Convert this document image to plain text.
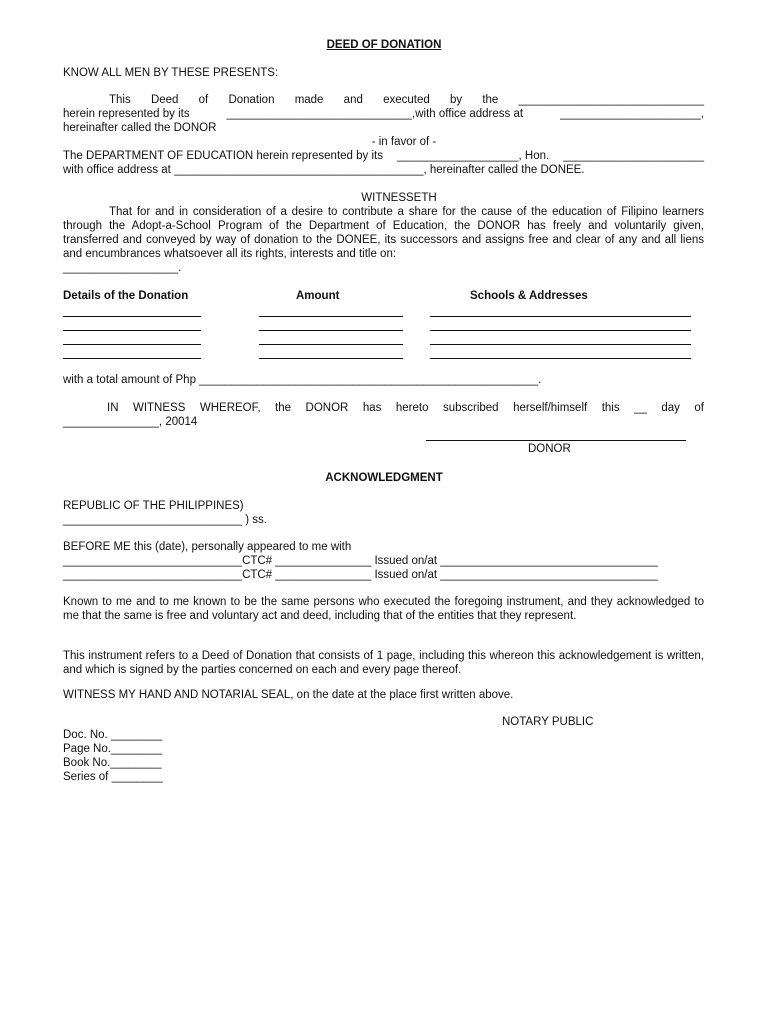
DEED OF DONATION
KNOW ALL MEN BY THESE PRESENTS:
This Deed of Donation made and executed by the _____________________________
herein represented by its	_____________________________,with office address at	______________________,
hereinafter called the DONOR
- in favor of -
The DEPARTMENT OF EDUCATION herein represented by its ___________________, Hon. ______________________
with office address at _______________________________________, hereinafter called the DONEE.
WITNESSETH
That for and in consideration of a desire to contribute a share for the cause of the education of Filipino learners through the Adopt-a-School Program of the Department of Education, the DONOR has freely and voluntarily given, transferred and conveyed by way of donation to the DONEE, its successors and assigns free and clear of any and all liens and encumbrances whatsoever all its rights, interests and title on:
__________________.
Details of the Donation	Amount	Schools & Addresses
with a total amount of Php _____________________________________________________.
IN WITNESS WHEREOF, the DONOR has hereto subscribed herself/himself this __ day of
_______________, 20014
DONOR
ACKNOWLEDGMENT
REPUBLIC OF THE PHILIPPINES)
____________________________ ) ss.
BEFORE ME this (date), personally appeared to me with
____________________________CTC# _______________ Issued on/at __________________________________
____________________________CTC# _______________ Issued on/at __________________________________
Known to me and to me known to be the same persons who executed the foregoing instrument, and they acknowledged to me that the same is free and voluntary act and deed, including that of the entities that they represent.
This instrument refers to a Deed of Donation that consists of 1 page, including this whereon this acknowledgement is written, and which is signed by the parties concerned on each and every page thereof.
WITNESS MY HAND AND NOTARIAL SEAL, on the date at the place first written above.
NOTARY PUBLIC
Doc. No. ________
Page No.________
Book No.________
Series of ________
